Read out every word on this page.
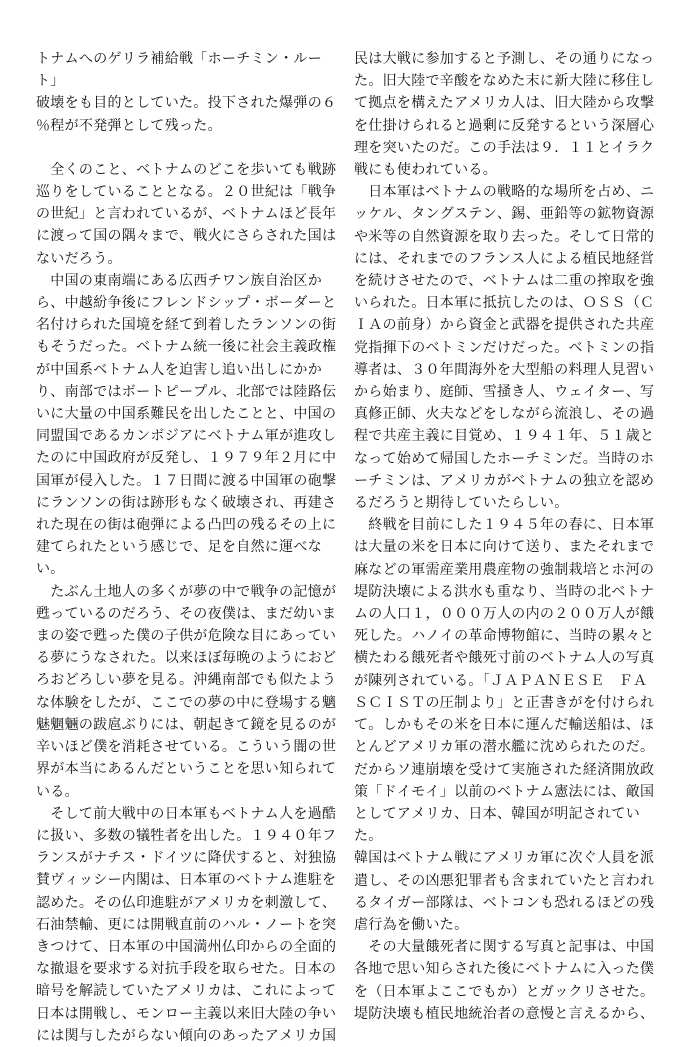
トナムへのゲリラ補給戦「ホーチミン・ルート」
破壊をも目的としていた。投下された爆弾の６
％程が不発弾として残った。

　全くのこと、ベトナムのどこを歩いても戦跡
巡りをしていることとなる。２０世紀は「戦争
の世紀」と言われているが、ベトナムほど長年
に渡って国の隅々まで、戦火にさらされた国は
ないだろう。

　中国の東南端にある広西チワン族自治区か
ら、中越紛争後にフレンドシップ・ボーダーと
名付けられた国境を経て到着したランソンの街
もそうだった。ベトナム統一後に社会主義政権
が中国系ベトナム人を迫害し追い出しにかか
り、南部ではボートピープル、北部では陸路伝
いに大量の中国系難民を出したことと、中国の
同盟国であるカンボジアにベトナム軍が進攻し
たのに中国政府が反発し、１９７９年２月に中
国軍が侵入した。１７日間に渡る中国軍の砲撃
にランソンの街は跡形もなく破壊され、再建さ
れた現在の街は砲弾による凸凹の残るその上に
建てられたという感じで、足を自然に運べない。

　たぶん土地人の多くが夢の中で戦争の記憶が
甦っているのだろう、その夜僕は、まだ幼いま
まの姿で甦った僕の子供が危険な目にあってい
る夢にうなされた。以来ほぼ毎晩のようにおど
ろおどろしい夢を見る。沖縄南部でも似たよう
な体験をしたが、ここでの夢の中に登場する魑
魅魍魎の跋扈ぶりには、朝起きて鏡を見るのが
辛いほど僕を消耗させている。こういう闇の世
界が本当にあるんだということを思い知られて
いる。

　そして前大戦中の日本軍もベトナム人を過酷
に扱い、多数の犠牲者を出した。１９４０年フ
ランスがナチス・ドイツに降伏すると、対独協
賛ヴィッシー内閣は、日本軍のベトナム進駐を
認めた。その仏印進駐がアメリカを刺激して、
石油禁輸、更には開戦直前のハル・ノートを突
きつけて、日本軍の中国満州仏印からの全面的
な撤退を要求する対抗手段を取らせた。日本の
暗号を解読していたアメリカは、これによって
日本は開戦し、モンロー主義以来旧大陸の争い
には関与したがらない傾向のあったアメリカ国

民は大戦に参加すると予測し、その通りになっ
た。旧大陸で辛酸をなめた末に新大陸に移住し
て拠点を構えたアメリカ人は、旧大陸から攻撃
を仕掛けられると過剰に反発するという深層心
理を突いたのだ。この手法は９．１１とイラク
戦にも使われている。

　日本軍はベトナムの戦略的な場所を占め、ニ
ッケル、タングステン、錫、亜鉛等の鉱物資源
や米等の自然資源を取り去った。そして日常的
には、それまでのフランス人による植民地経営
を続けさせたので、ベトナムは二重の搾取を強
いられた。日本軍に抵抗したのは、ＯＳＳ（Ｃ
ＩＡの前身）から資金と武器を提供された共産
党指揮下のベトミンだけだった。ベトミンの指
導者は、３０年間海外を大型船の料理人見習い
から始まり、庭師、雪掻き人、ウェイター、写
真修正師、火夫などをしながら流浪し、その過
程で共産主義に目覚め、１９４１年、５１歳と
なって始めて帰国したホーチミンだ。当時のホ
ーチミンは、アメリカがベトナムの独立を認め
るだろうと期待していたらしい。

　終戦を目前にした１９４５年の春に、日本軍
は大量の米を日本に向けて送り、またそれまで
麻などの軍需産業用農産物の強制栽培とホ河の
堤防決壊による洪水も重なり、当時の北ベトナ
ムの人口１，０００万人の内の２００万人が餓
死した。ハノイの革命博物館に、当時の累々と
横たわる餓死者や餓死寸前のベトナム人の写真
が陳列されている。「ＪＡＰＡＮＥＳＥ　ＦＡ
ＳＣＩＳＴの圧制より」と正書きがを付けられ
て。しかもその米を日本に運んだ輸送船は、ほ
とんどアメリカ軍の潜水艦に沈められたのだ。
だからソ連崩壊を受けて実施された経済開放政
策「ドイモイ」以前のベトナム憲法には、敵国
としてアメリカ、日本、韓国が明記されていた。
韓国はベトナム戦にアメリカ軍に次ぐ人員を派
遣し、その凶悪犯罪者も含まれていたと言われ
るタイガー部隊は、ベトコンも恐れるほどの残
虐行為を働いた。

　その大量餓死者に関する写真と記事は、中国
各地で思い知らされた後にベトナムに入った僕
を（日本軍よここでもか）とガックリさせた。
堤防決壊も植民地統治者の意慢と言えるから、
